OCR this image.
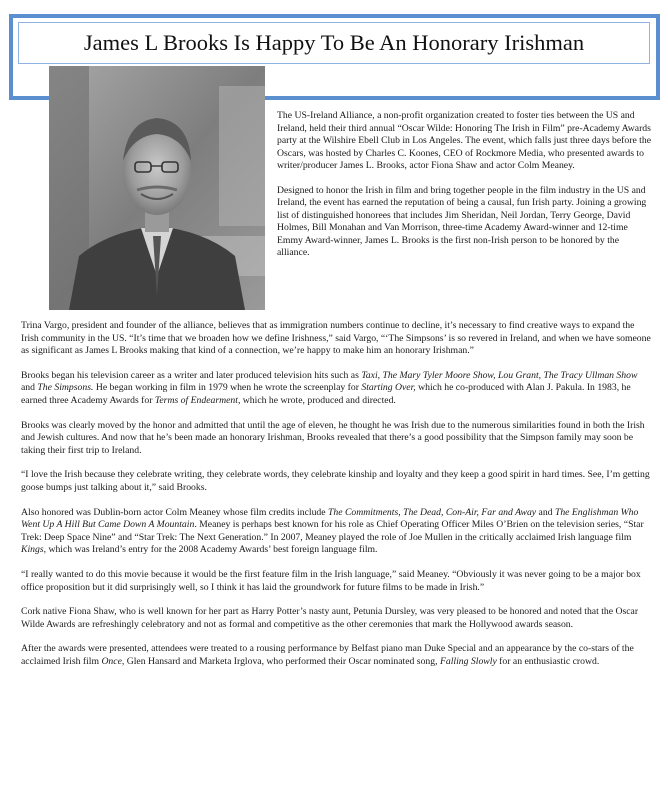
James L Brooks Is Happy To Be An Honorary Irishman

The US-Ireland Alliance, a non-profit organization created to foster ties between the US and Ireland, held their third annual “Oscar Wilde: Honoring The Irish in Film” pre-Academy Awards party at the Wilshire Ebell Club in Los Angeles. The event, which falls just three days before the Oscars, was hosted by Charles C. Koones, CEO of Rockmore Media, who presented awards to writer/producer James L. Brooks, actor Fiona Shaw and actor Colm Meaney.

Designed to honor the Irish in film and bring together people in the film industry in the US and Ireland, the event has earned the reputation of being a causal, fun Irish party. Joining a growing list of distinguished honorees that includes Jim Sheridan, Neil Jordan, Terry George, David Holmes, Bill Monahan and Van Morrison, three-time Academy Award-winner and 12-time Emmy Award-winner, James L. Brooks is the first non-Irish person to be honored by the alliance.

Trina Vargo, president and founder of the alliance, believes that as immigration numbers continue to decline, it’s necessary to find creative ways to expand the Irish community in the US. “It’s time that we broaden how we define Irishness,” said Vargo, “‘The Simpsons’ is so revered in Ireland, and when we have someone as significant as James L Brooks making that kind of a connection, we’re happy to make him an honorary Irishman.”

Brooks began his television career as a writer and later produced television hits such as Taxi, The Mary Tyler Moore Show, Lou Grant, The Tracy Ullman Show and The Simpsons. He began working in film in 1979 when he wrote the screenplay for Starting Over, which he co-produced with Alan J. Pakula. In 1983, he earned three Academy Awards for Terms of Endearment, which he wrote, produced and directed.

Brooks was clearly moved by the honor and admitted that until the age of eleven, he thought he was Irish due to the numerous similarities found in both the Irish and Jewish cultures. And now that he’s been made an honorary Irishman, Brooks revealed that there’s a good possibility that the Simpson family may soon be taking their first trip to Ireland.

“I love the Irish because they celebrate writing, they celebrate words, they celebrate kinship and loyalty and they keep a good spirit in hard times. See, I’m getting goose bumps just talking about it,” said Brooks.

Also honored was Dublin-born actor Colm Meaney whose film credits include The Commitments, The Dead, Con-Air, Far and Away and The Englishman Who Went Up A Hill But Came Down A Mountain. Meaney is perhaps best known for his role as Chief Operating Officer Miles O’Brien on the television series, “Star Trek: Deep Space Nine” and “Star Trek: The Next Generation.” In 2007, Meaney played the role of Joe Mullen in the critically acclaimed Irish language film Kings, which was Ireland’s entry for the 2008 Academy Awards’ best foreign language film.

“I really wanted to do this movie because it would be the first feature film in the Irish language,” said Meaney. “Obviously it was never going to be a major box office proposition but it did surprisingly well, so I think it has laid the groundwork for future films to be made in Irish.”

Cork native Fiona Shaw, who is well known for her part as Harry Potter’s nasty aunt, Petunia Dursley, was very pleased to be honored and noted that the Oscar Wilde Awards are refreshingly celebratory and not as formal and competitive as the other ceremonies that mark the Hollywood awards season.

After the awards were presented, attendees were treated to a rousing performance by Belfast piano man Duke Special and an appearance by the co-stars of the acclaimed Irish film Once, Glen Hansard and Marketa Irglova, who performed their Oscar nominated song, Falling Slowly for an enthusiastic crowd.
